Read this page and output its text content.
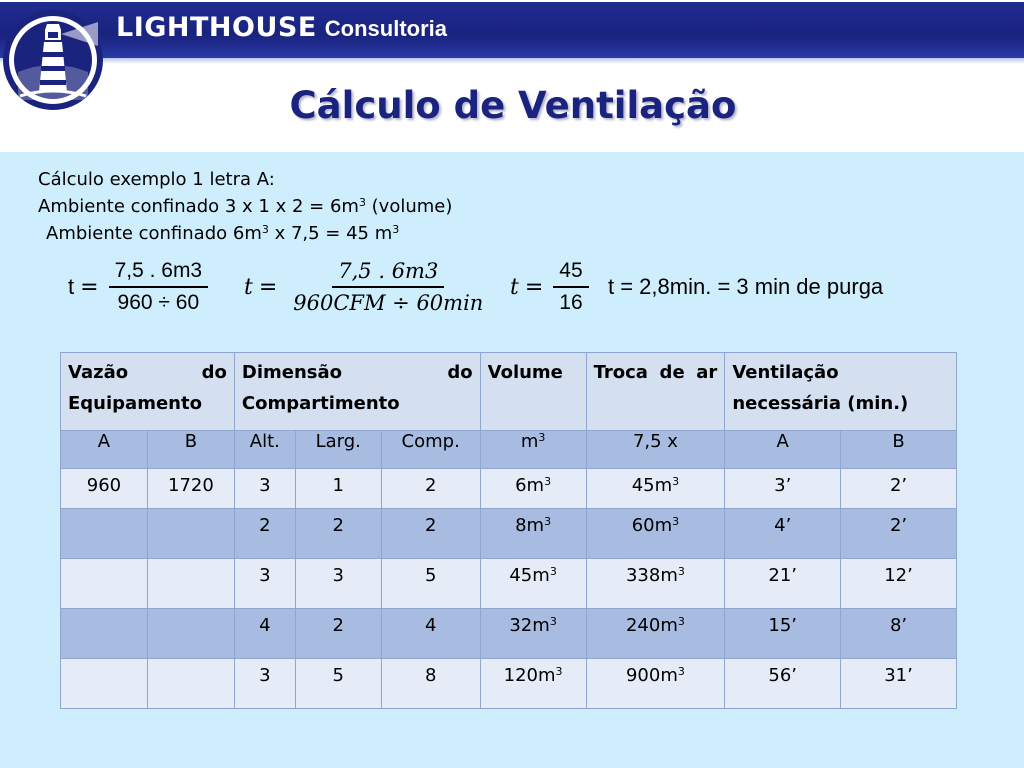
LIGHTHOUSE Consultoria
Cálculo de Ventilação
Cálculo exemplo 1 letra A:
Ambiente confinado 3 x 1 x $2 = 6m^3$ (volume)
Ambiente confinado $6m^3$ x 7,5 = 45 $m^3$
$t = \frac{7,5 . 6m3}{960 \div 60}$ $t = \frac{7,5 . 6m3}{\text{960CFM ÷ 60min}}$ $t = \frac{45}{16}$ t = 2,8min. = 3 min de purga
Vazão do Equipamento		Dimensão do Compartimento			Volume	Troca de ar	Ventilação necessária (min.)	
A	B	Alt.	Larg.	Comp.	$m^3$	7,5 x	A	B
960	1720	3	1	2	$6m^3$	$45m^3$	3’	2’
		2	2	2	$8m^3$	$60m^3$	4’	2’
		3	3	5	$45m^3$	$338m^3$	21’	12’
		4	2	4	$32m^3$	$240m^3$	15’	8’
		3	5	8	$120m^3$	$900m^3$	56’	31’
